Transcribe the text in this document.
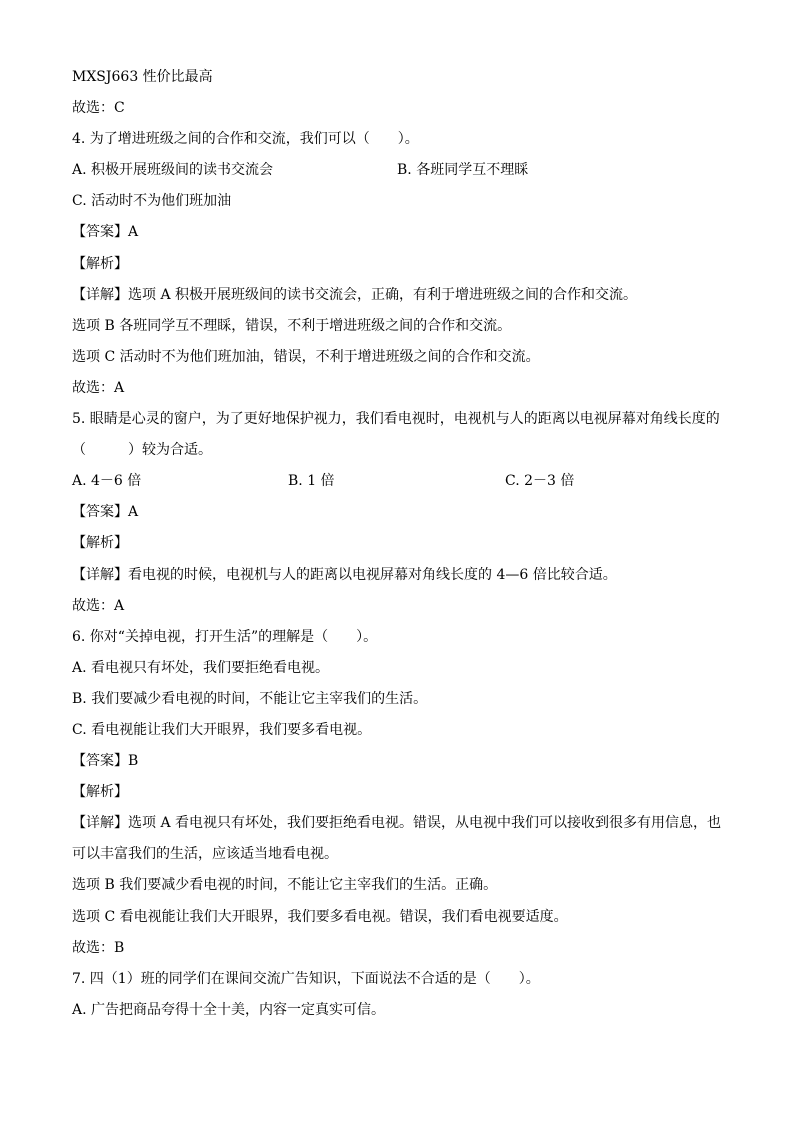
MXSJ663 性价比最高
故选：C
4. 为了增进班级之间的合作和交流，我们可以（　　）。
A. 积极开展班级间的读书交流会	B. 各班同学互不理睬
C. 活动时不为他们班加油
【答案】A
【解析】
【详解】选项 A 积极开展班级间的读书交流会，正确，有利于增进班级之间的合作和交流。
选项 B 各班同学互不理睬，错误，不利于增进班级之间的合作和交流。
选项 C 活动时不为他们班加油，错误，不利于增进班级之间的合作和交流。
故选：A
5. 眼睛是心灵的窗户，为了更好地保护视力，我们看电视时，电视机与人的距离以电视屏幕对角线长度的
（　　　）较为合适。
A. 4－6 倍	B. 1 倍	C. 2－3 倍
【答案】A
【解析】
【详解】看电视的时候，电视机与人的距离以电视屏幕对角线长度的 4—6 倍比较合适。
故选：A
6. 你对“关掉电视，打开生活”的理解是（　　）。
A. 看电视只有坏处，我们要拒绝看电视。
B. 我们要减少看电视的时间，不能让它主宰我们的生活。
C. 看电视能让我们大开眼界，我们要多看电视。
【答案】B
【解析】
【详解】选项 A 看电视只有坏处，我们要拒绝看电视。错误，从电视中我们可以接收到很多有用信息，也
可以丰富我们的生活，应该适当地看电视。
选项 B 我们要减少看电视的时间，不能让它主宰我们的生活。正确。
选项 C 看电视能让我们大开眼界，我们要多看电视。错误，我们看电视要适度。
故选：B
7. 四（1）班的同学们在课间交流广告知识，下面说法不合适的是（　　）。
A. 广告把商品夸得十全十美，内容一定真实可信。
